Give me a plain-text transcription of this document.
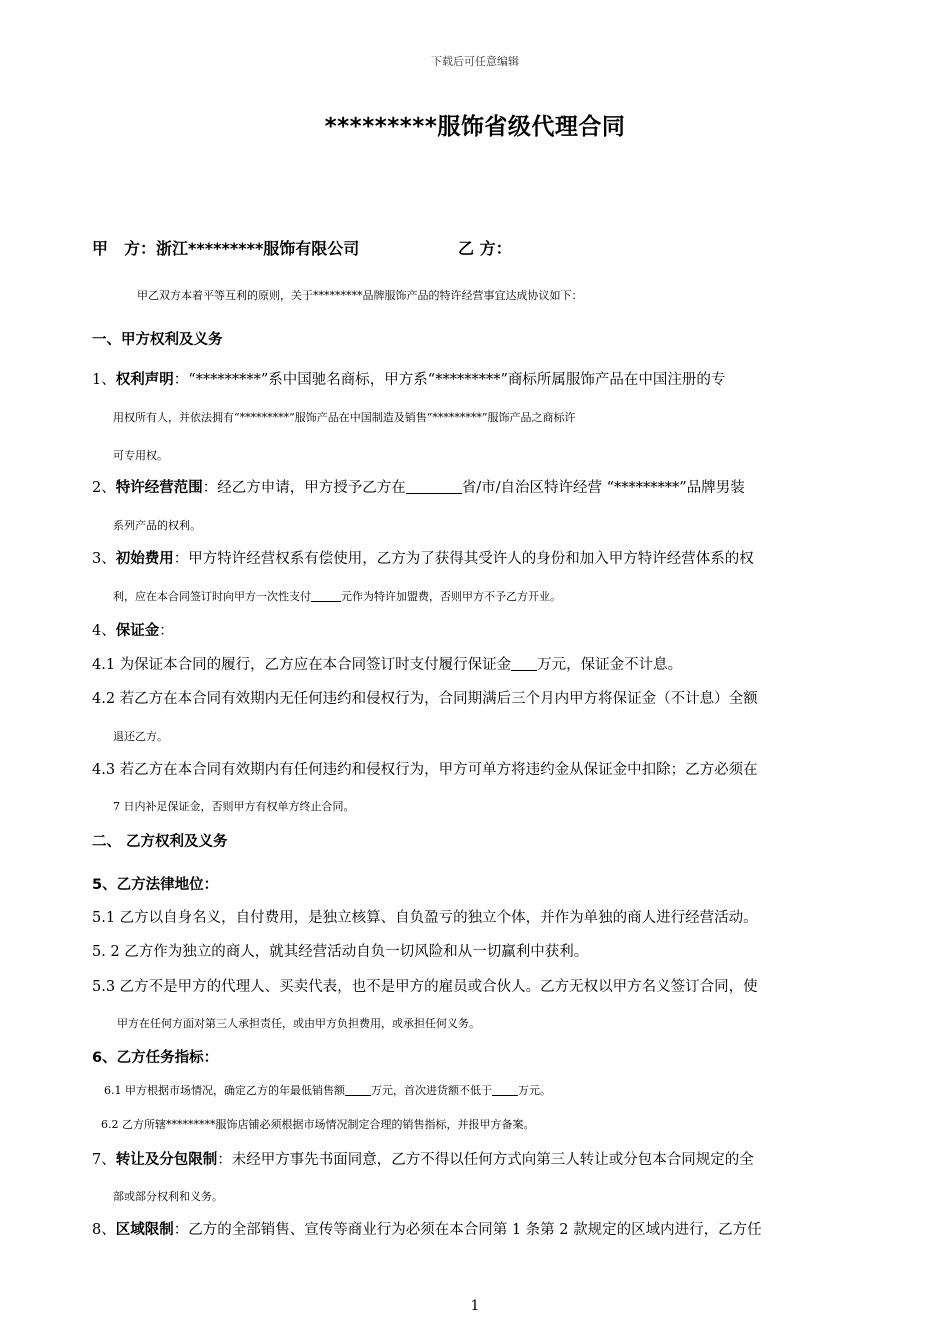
下载后可任意编辑
*********服饰省级代理合同
甲　方：浙江*********服饰有限公司	乙 方：
甲乙双方本着平等互利的原则，关于*********品牌服饰产品的特许经营事宜达成协议如下：
一、甲方权利及义务
1、权利声明：“*********”系中国驰名商标，甲方系“*********”商标所属服饰产品在中国注册的专
用权所有人，并依法拥有“*********”服饰产品在中国制造及销售“*********”服饰产品之商标许
可专用权。
2、特许经营范围：经乙方申请，甲方授予乙方在	省/市/自治区特许经营 “*********”品牌男装
系列产品的权利。
3、初始费用：甲方特许经营权系有偿使用，乙方为了获得其受许人的身份和加入甲方特许经营体系的权
利，应在本合同签订时向甲方一次性支付	元作为特许加盟费，否则甲方不予乙方开业。
4、保证金：
4.1 为保证本合同的履行，乙方应在本合同签订时支付履行保证金 万元，保证金不计息。
4.2 若乙方在本合同有效期内无任何违约和侵权行为，合同期满后三个月内甲方将保证金（不计息）全额
退还乙方。
4.3 若乙方在本合同有效期内有任何违约和侵权行为，甲方可单方将违约金从保证金中扣除；乙方必须在
7 日内补足保证金，否则甲方有权单方终止合同。
二、 乙方权利及义务
5、乙方法律地位：
5.1 乙方以自身名义，自付费用，是独立核算、自负盈亏的独立个体，并作为单独的商人进行经营活动。
5. 2 乙方作为独立的商人，就其经营活动自负一切风险和从一切赢利中获利。
5.3 乙方不是甲方的代理人、买卖代表，也不是甲方的雇员或合伙人。乙方无权以甲方名义签订合同，使
甲方在任何方面对第三人承担责任，或由甲方负担费用，或承担任何义务。
6、乙方任务指标：
6.1 甲方根据市场情况，确定乙方的年最低销售额 万元，首次进货额不低于 万元。
6.2 乙方所辖*********服饰店铺必须根据市场情况制定合理的销售指标，并报甲方备案。
7、转让及分包限制：未经甲方事先书面同意，乙方不得以任何方式向第三人转让或分包本合同规定的全
部或部分权利和义务。
8、区域限制：乙方的全部销售、宣传等商业行为必须在本合同第 1 条第 2 款规定的区域内进行，乙方任
1
